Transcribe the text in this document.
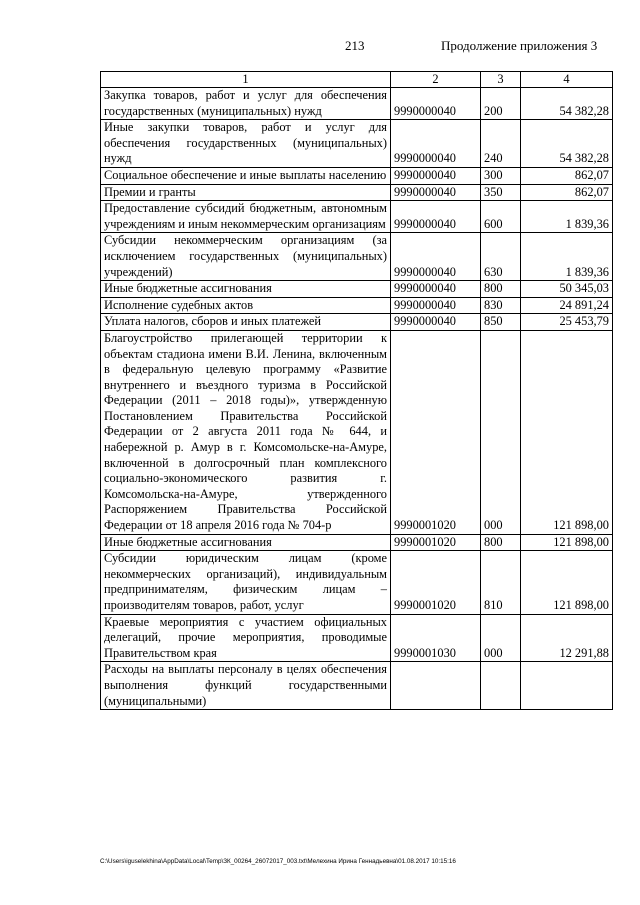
213	Продолжение приложения 3
1	2	3	4
Закупка товаров, работ и услуг для обеспечения государственных (муниципальных) нужд	9990000040	200	54 382,28
Иные закупки товаров, работ и услуг для обеспечения государственных (муниципальных) нужд	9990000040	240	54 382,28
Социальное обеспечение и иные выплаты населению	9990000040	300	862,07
Премии и гранты	9990000040	350	862,07
Предоставление субсидий бюджетным, автономным учреждениям и иным некоммерческим организациям	9990000040	600	1 839,36
Субсидии некоммерческим организациям (за исключением государственных (муниципальных) учреждений)	9990000040	630	1 839,36
Иные бюджетные ассигнования	9990000040	800	50 345,03
Исполнение судебных актов	9990000040	830	24 891,24
Уплата налогов, сборов и иных платежей	9990000040	850	25 453,79
Благоустройство прилегающей территории к объектам стадиона имени В.И. Ленина, включенным в федеральную целевую программу «Развитие внутреннего и въездного туризма в Российской Федерации (2011 – 2018 годы)», утвержденную Постановлением Правительства Российской Федерации от 2 августа 2011 года № 644, и набережной р. Амур в г. Комсомольске-на-Амуре, включенной в долгосрочный план комплексного социально-экономического развития г. Комсомольска-на-Амуре, утвержденного Распоряжением Правительства Российской Федерации от 18 апреля 2016 года № 704-р	9990001020	000	121 898,00
Иные бюджетные ассигнования	9990001020	800	121 898,00
Субсидии юридическим лицам (кроме некоммерческих организаций), индивидуальным предпринимателям, физическим лицам – производителям товаров, работ, услуг	9990001020	810	121 898,00
Краевые мероприятия с участием официальных делегаций, прочие мероприятия, проводимые Правительством края	9990001030	000	12 291,88
Расходы на выплаты персоналу в целях обеспечения выполнения функций государственными (муниципальными)			
C:\Users\iguselekhina\AppData\Local\Temp\ЗК_00264_26072017_003.txt\Мелехина Ирина Геннадьевна\01.08.2017 10:15:16
